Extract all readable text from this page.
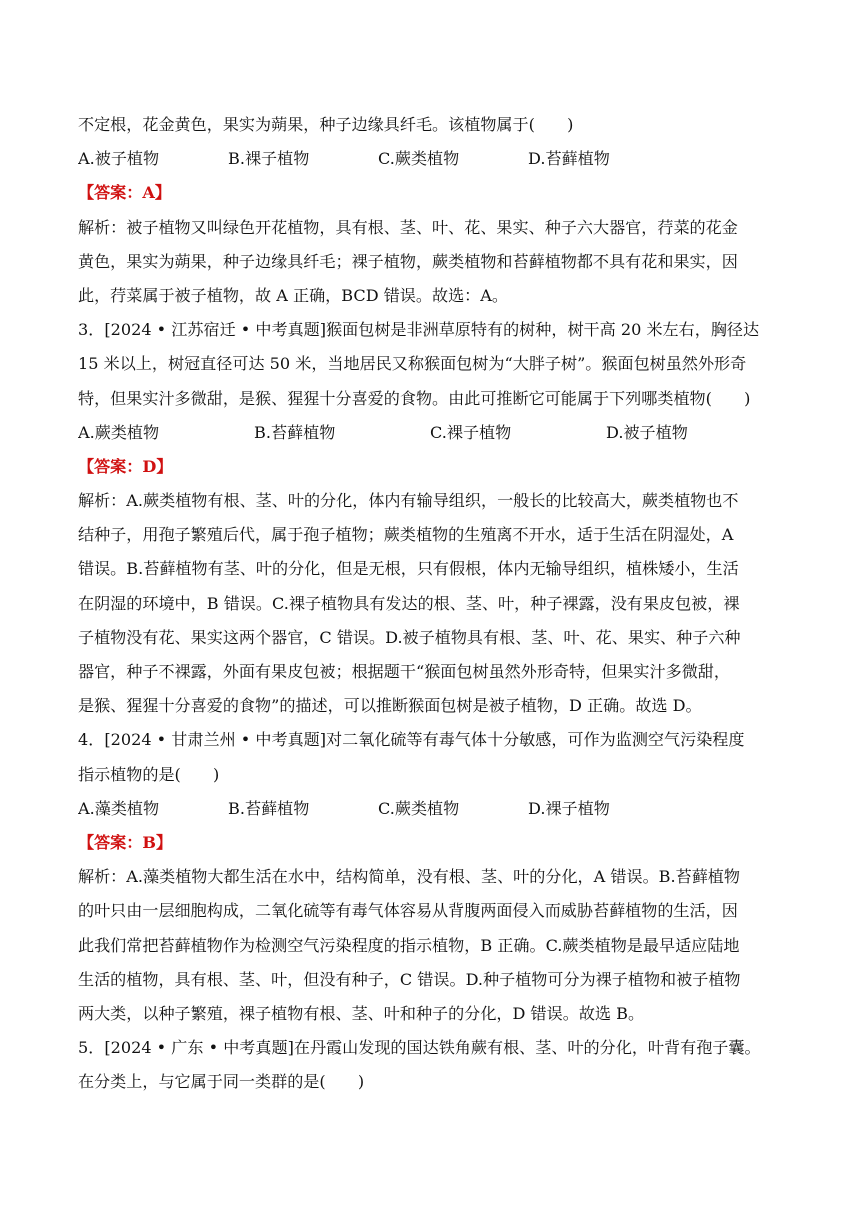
不定根，花金黄色，果实为蒴果，种子边缘具纤毛。该植物属于(　　)
A.被子植物	B.裸子植物	C.蕨类植物	D.苔藓植物
【答案：A】
解析：被子植物又叫绿色开花植物，具有根、茎、叶、花、果实、种子六大器官，荇菜的花金
黄色，果实为蒴果，种子边缘具纤毛；裸子植物，蕨类植物和苔藓植物都不具有花和果实，因
此，荇菜属于被子植物，故 A 正确，BCD 错误。故选：A。
3．[2024 • 江苏宿迁 • 中考真题]猴面包树是非洲草原特有的树种，树干高 20 米左右，胸径达
15 米以上，树冠直径可达 50 米，当地居民又称猴面包树为“大胖子树”。猴面包树虽然外形奇
特，但果实汁多微甜，是猴、猩猩十分喜爱的食物。由此可推断它可能属于下列哪类植物(　　)
A.蕨类植物	B.苔藓植物	C.裸子植物	D.被子植物
【答案：D】
解析：A.蕨类植物有根、茎、叶的分化，体内有输导组织，一般长的比较高大，蕨类植物也不
结种子，用孢子繁殖后代，属于孢子植物；蕨类植物的生殖离不开水，适于生活在阴湿处，A
错误。B.苔藓植物有茎、叶的分化，但是无根，只有假根，体内无输导组织，植株矮小，生活
在阴湿的环境中，B 错误。C.裸子植物具有发达的根、茎、叶，种子裸露，没有果皮包被，裸
子植物没有花、果实这两个器官，C 错误。D.被子植物具有根、茎、叶、花、果实、种子六种
器官，种子不裸露，外面有果皮包被；根据题干“猴面包树虽然外形奇特，但果实汁多微甜，
是猴、猩猩十分喜爱的食物”的描述，可以推断猴面包树是被子植物，D 正确。故选 D。
4．[2024 • 甘肃兰州 • 中考真题]对二氧化硫等有毒气体十分敏感，可作为监测空气污染程度
指示植物的是(　　)
A.藻类植物	B.苔藓植物	C.蕨类植物	D.裸子植物
【答案：B】
解析：A.藻类植物大都生活在水中，结构简单，没有根、茎、叶的分化，A 错误。B.苔藓植物
的叶只由一层细胞构成，二氧化硫等有毒气体容易从背腹两面侵入而威胁苔藓植物的生活，因
此我们常把苔藓植物作为检测空气污染程度的指示植物，B 正确。C.蕨类植物是最早适应陆地
生活的植物，具有根、茎、叶，但没有种子，C 错误。D.种子植物可分为裸子植物和被子植物
两大类，以种子繁殖，裸子植物有根、茎、叶和种子的分化，D 错误。故选 B。
5．[2024 • 广东 • 中考真题]在丹霞山发现的国达铁角蕨有根、茎、叶的分化，叶背有孢子囊。
在分类上，与它属于同一类群的是(　　)
